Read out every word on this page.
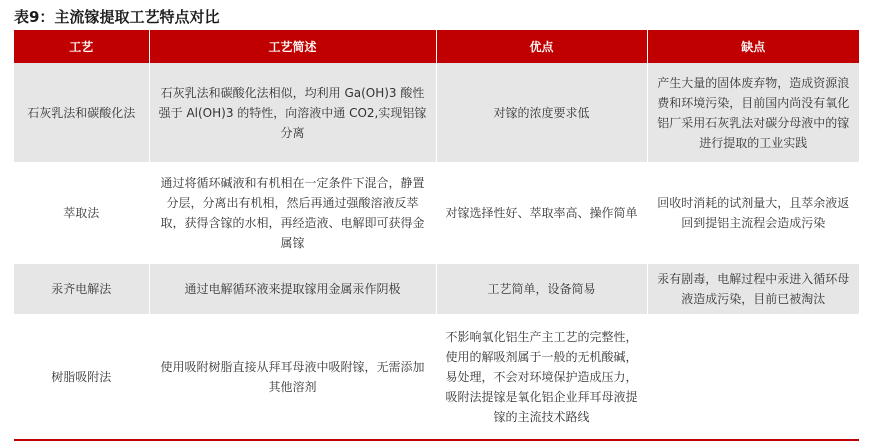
表9：主流镓提取工艺特点对比
工艺	工艺简述	优点	缺点
石灰乳法和碳酸化法	石灰乳法和碳酸化法相似，均利用 Ga(OH)3 酸性强于 Al(OH)3 的特性，向溶液中通 CO2,实现铝镓分离	对镓的浓度要求低	产生大量的固体废弃物，造成资源浪费和环境污染，目前国内尚没有氧化铝厂采用石灰乳法对碳分母液中的镓进行提取的工业实践
萃取法	通过将循环碱液和有机相在一定条件下混合，静置分层，分离出有机相，然后再通过强酸溶液反萃取，获得含镓的水相，再经造液、电解即可获得金属镓	对镓选择性好、萃取率高、操作简单	回收时消耗的试剂量大，且萃余液返回到提铝主流程会造成污染
汞齐电解法	通过电解循环液来提取镓用金属汞作阴极	工艺简单，设备简易	汞有剧毒，电解过程中汞进入循环母液造成污染，目前已被淘汰
树脂吸附法	使用吸附树脂直接从拜耳母液中吸附镓，无需添加其他溶剂	不影响氧化铝生产主工艺的完整性，使用的解吸剂属于一般的无机酸碱，易处理，不会对环境保护造成压力，吸附法提镓是氧化铝企业拜耳母液提镓的主流技术路线	
